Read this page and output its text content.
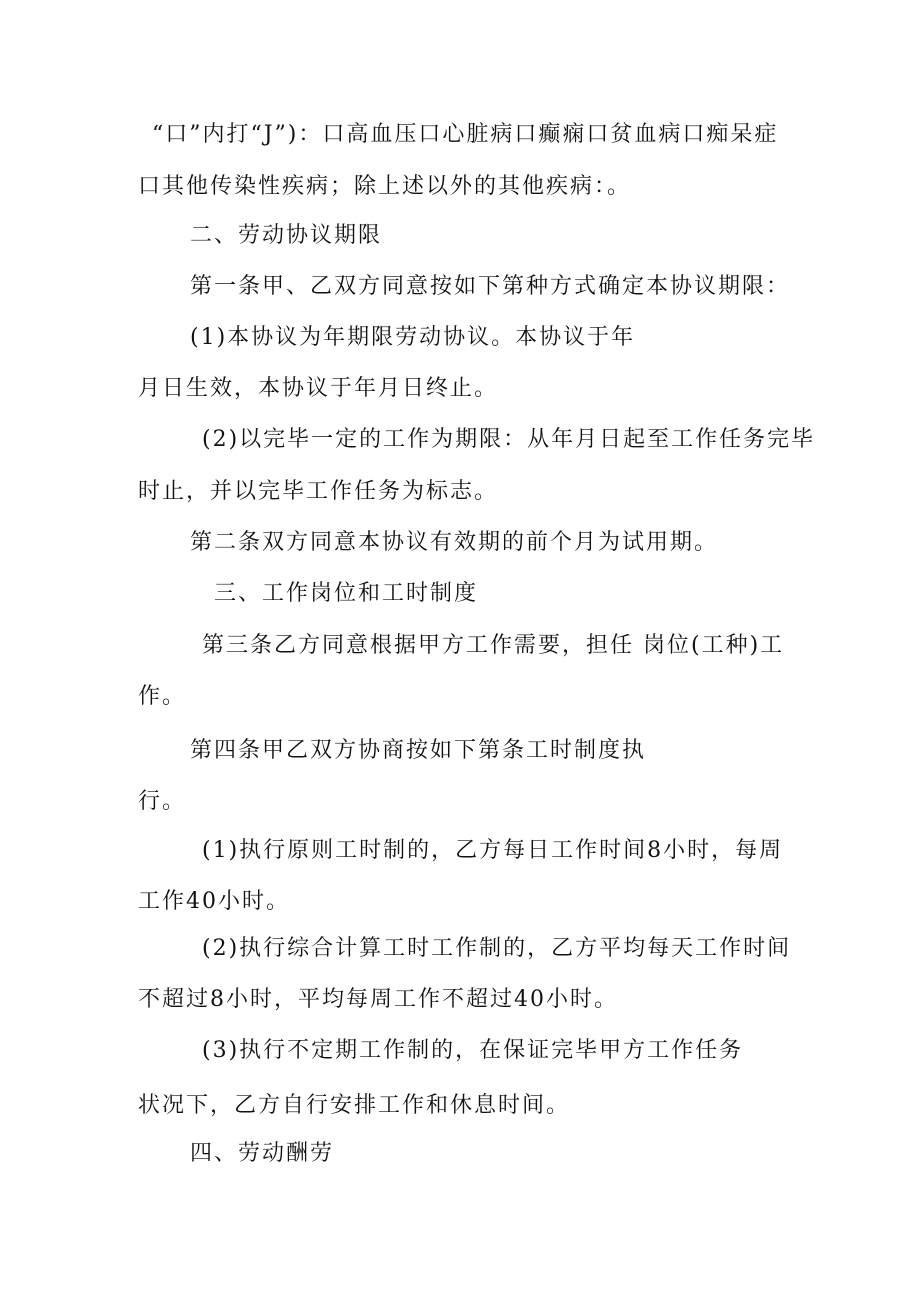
“口”内打“J”)：口高血压口心脏病口癫痫口贫血病口痴呆症
口其他传染性疾病；除上述以外的其他疾病：。
二、劳动协议期限
第一条甲、乙双方同意按如下第种方式确定本协议期限：
(1)本协议为年期限劳动协议。本协议于年
月日生效，本协议于年月日终止。
(2)以完毕一定的工作为期限：从年月日起至工作任务完毕
时止，并以完毕工作任务为标志。
第二条双方同意本协议有效期的前个月为试用期。
三、工作岗位和工时制度
第三条乙方同意根据甲方工作需要，担任 岗位(工种)工
作。
第四条甲乙双方协商按如下第条工时制度执
行。
(1)执行原则工时制的，乙方每日工作时间8小时，每周
工作40小时。
(2)执行综合计算工时工作制的，乙方平均每天工作时间
不超过8小时，平均每周工作不超过40小时。
(3)执行不定期工作制的，在保证完毕甲方工作任务
状况下，乙方自行安排工作和休息时间。
四、劳动酬劳
